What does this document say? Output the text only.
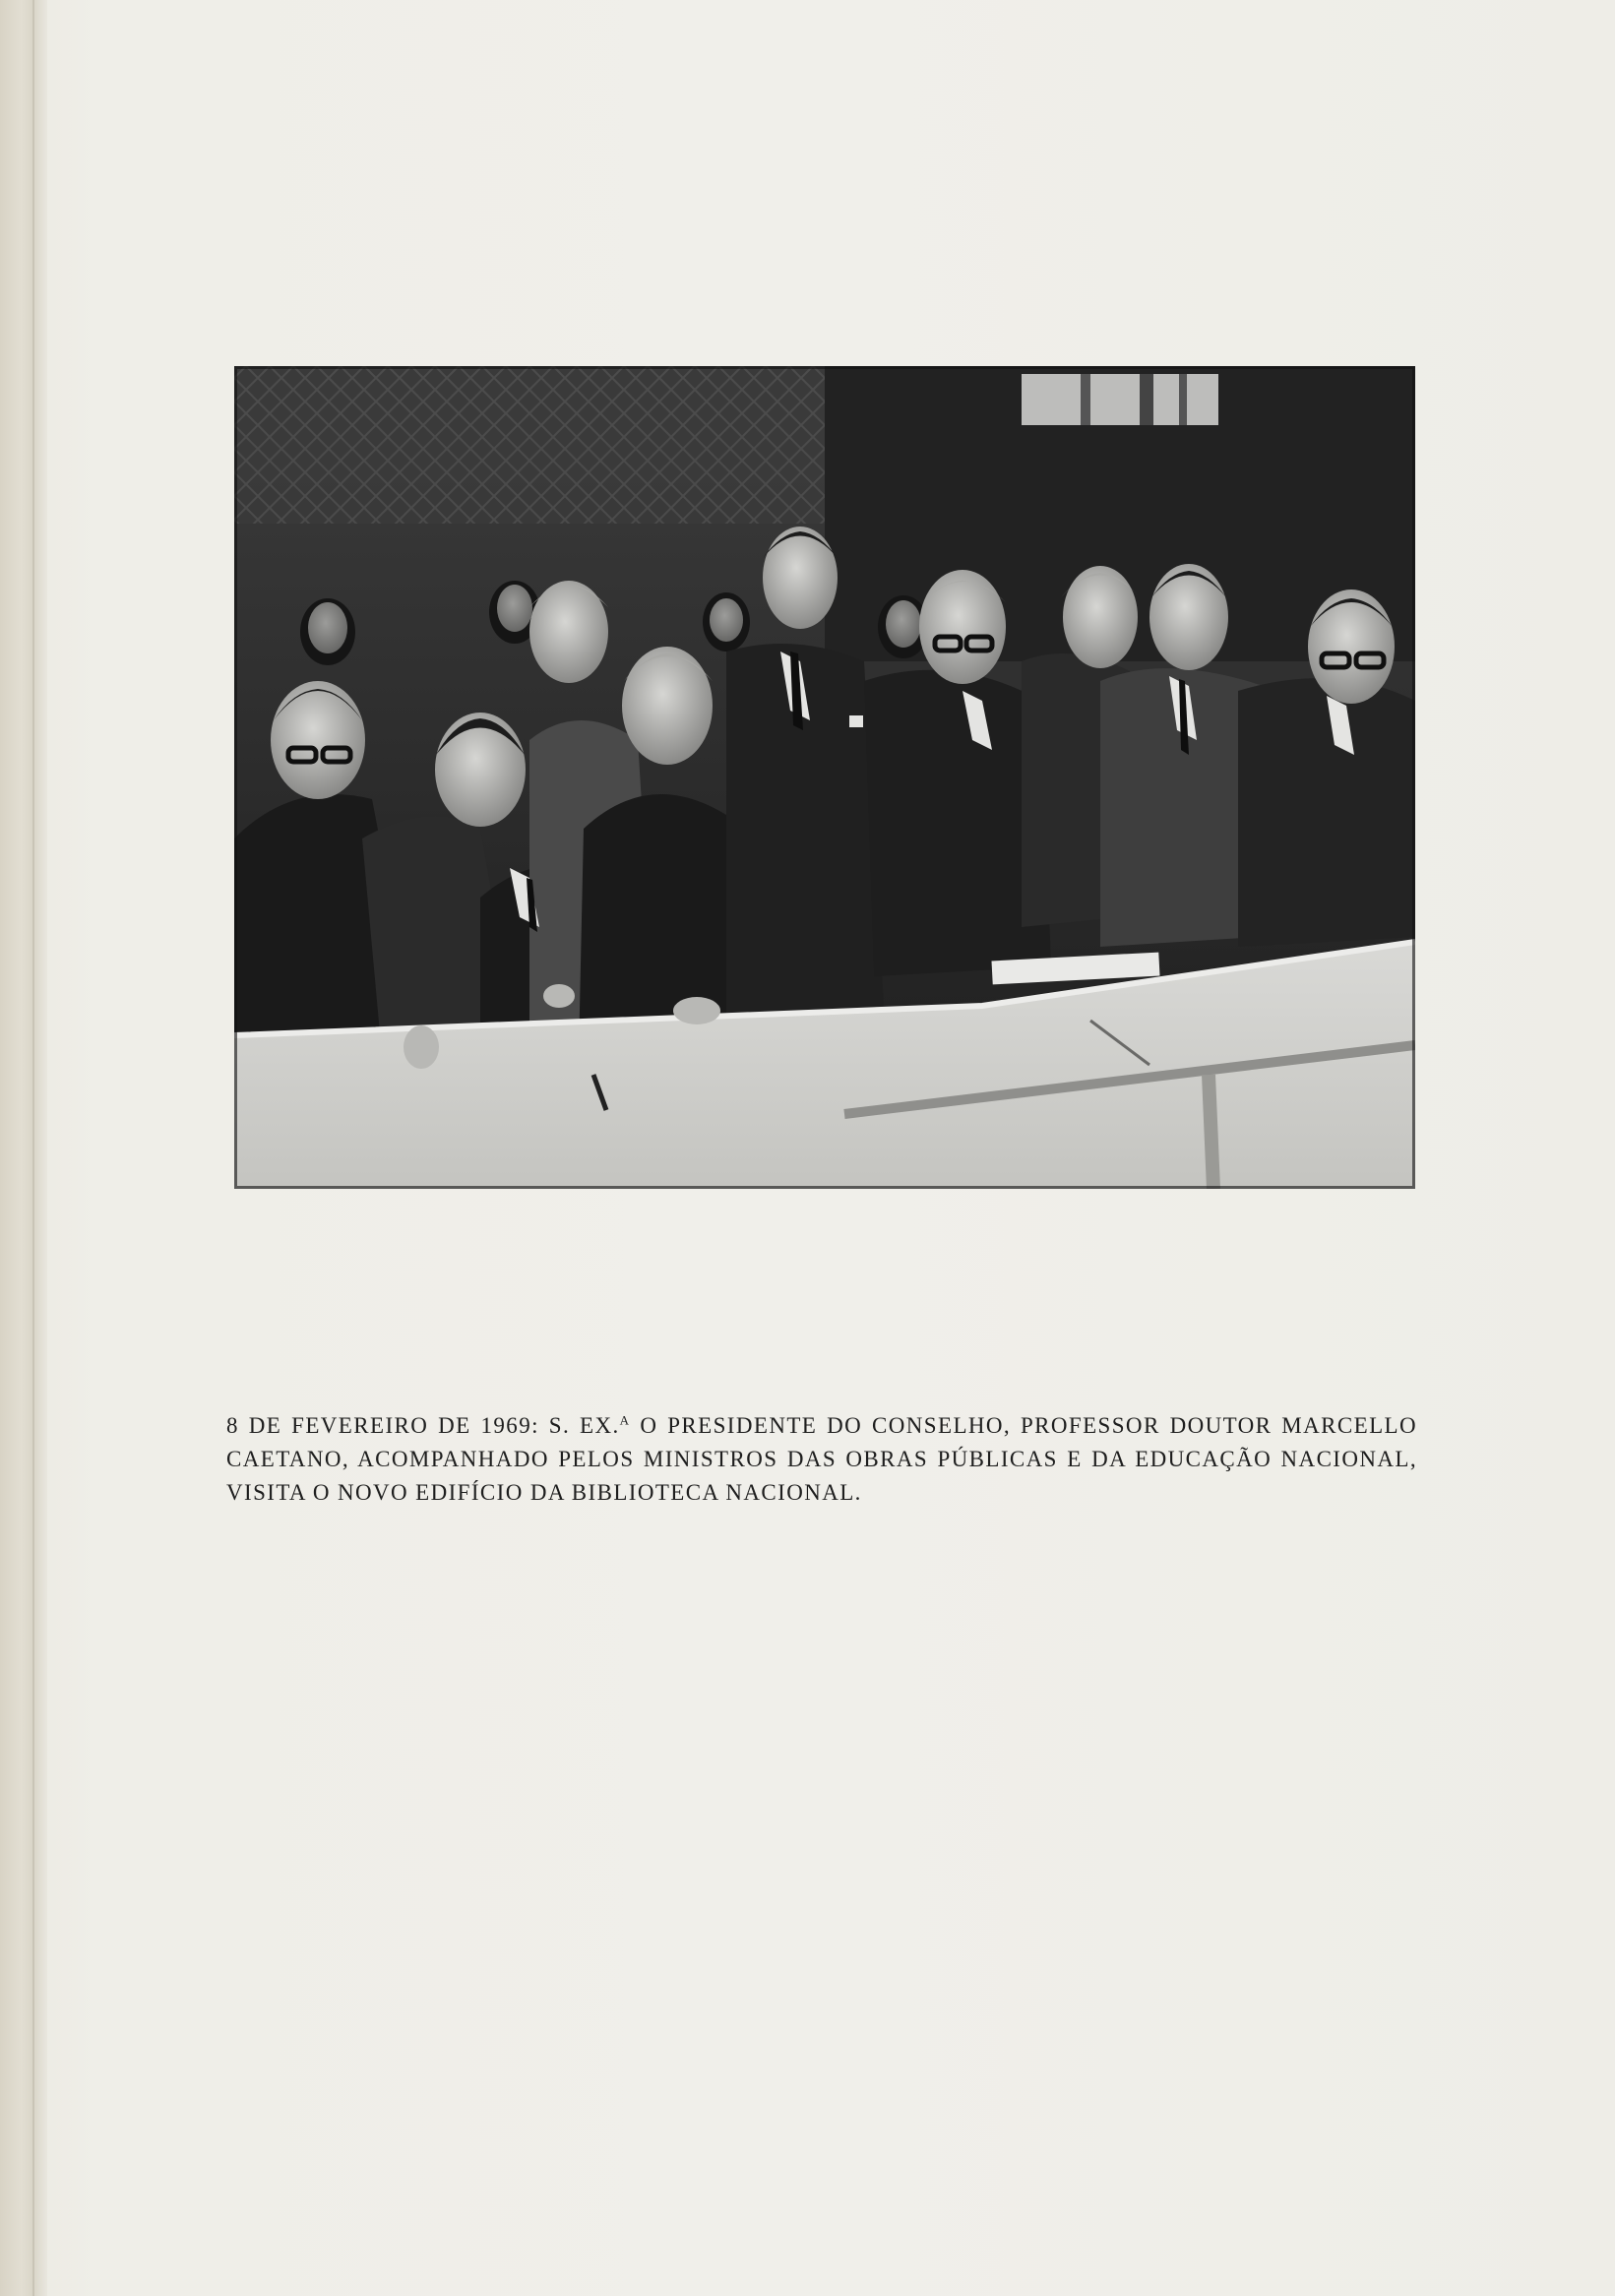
8 DE FEVEREIRO DE 1969: S. EX.$^A$ O PRESIDENTE DO CONSELHO, PROFESSOR DOUTOR MARCELLO CAETANO, ACOMPANHADO PELOS MINISTROS DAS OBRAS PÚBLICAS E DA EDUCAÇÃO NACIONAL, VISITA O NOVO EDIFÍCIO DA BIBLIOTECA NACIONAL.
